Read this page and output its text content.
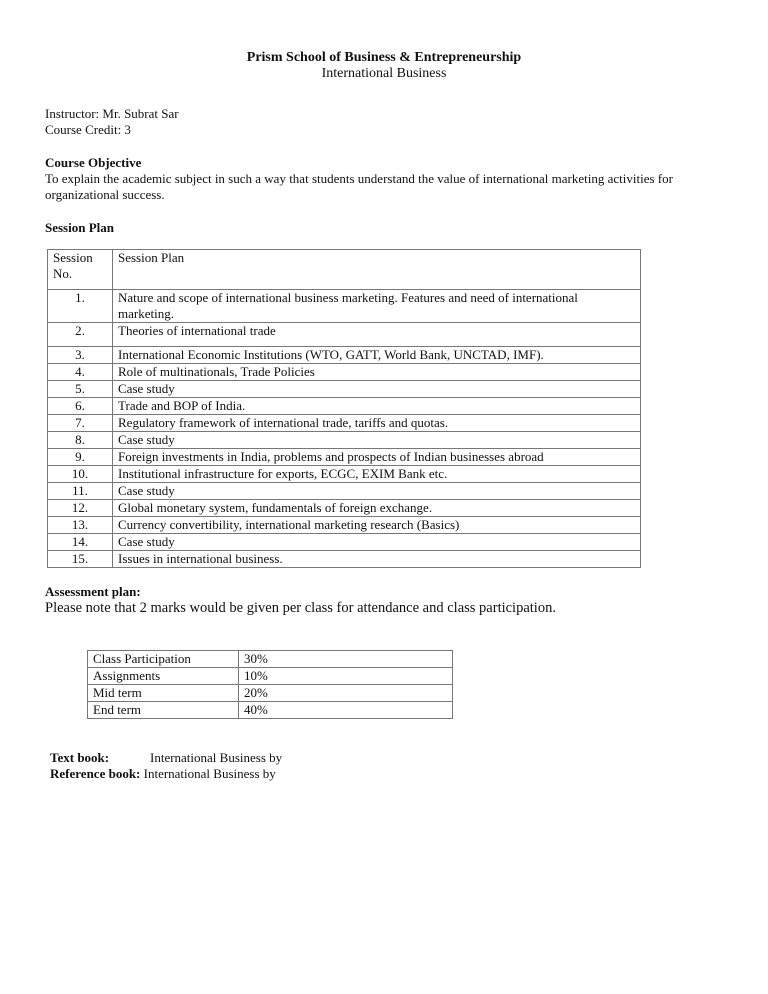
Prism School of Business & Entrepreneurship
International Business
Instructor: Mr. Subrat Sar
Course Credit: 3
Course Objective
To explain the academic subject in such a way that students understand the value of international marketing activities for
organizational success.
Session Plan
Session No.	Session Plan
1.	Nature and scope of international business marketing. Features and need of international marketing.
2.	Theories of international trade
3.	International Economic Institutions (WTO, GATT, World Bank, UNCTAD, IMF).
4.	Role of multinationals, Trade Policies
5.	Case study
6.	Trade and BOP of India.
7.	Regulatory framework of international trade, tariffs and quotas.
8.	Case study
9.	Foreign investments in India, problems and prospects of Indian businesses abroad
10.	Institutional infrastructure for exports, ECGC, EXIM Bank etc.
11.	Case study
12.	Global monetary system, fundamentals of foreign exchange.
13.	Currency convertibility, international marketing research (Basics)
14.	Case study
15.	Issues in international business.
Assessment plan:
Please note that 2 marks would be given per class for attendance and class participation.
Class Participation	30%
Assignments	10%
Mid term	20%
End term	40%
Text book:	International Business by
Reference book: International Business by
